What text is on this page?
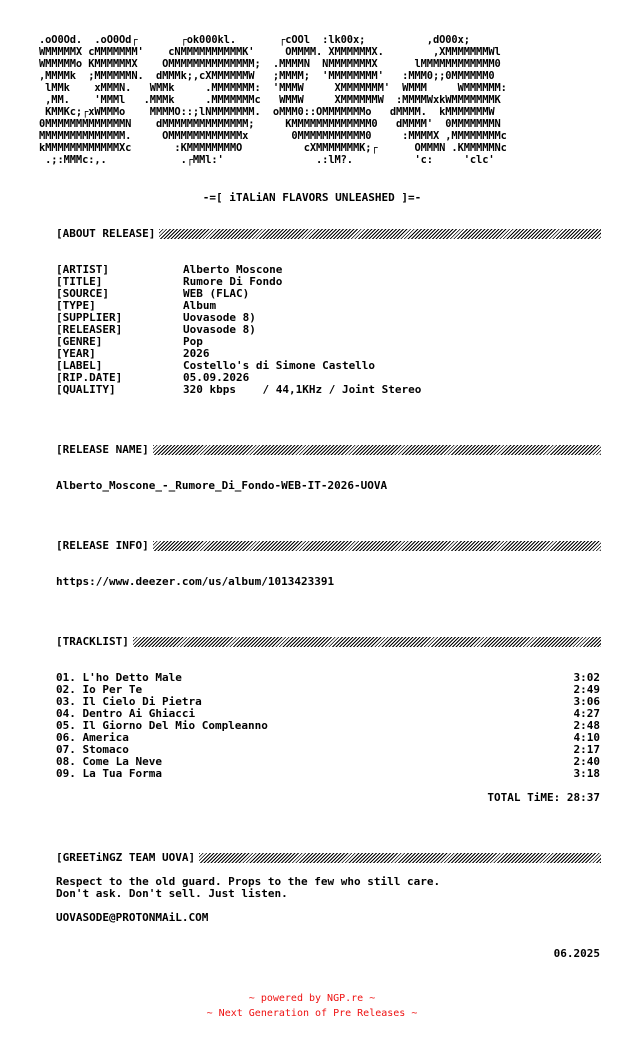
.oO0Od.  .oO0Od┌       ┌ok000kl.       ┌cOOl  :lk00x;          ,dO00x;
WMMMMMX cMMMMMMM'    cNMMMMMMMMMMK'     OMMMM. XMMMMMMX.        ,XMMMMMMMWl
WMMMMMo KMMMMMMX    OMMMMMMMMMMMMMM;  .MMMMN  NMMMMMMMX      lMMMMMMMMMMMM0
,MMMMk  ;MMMMMMN.  dMMMk;,cXMMMMMMW   ;MMMM;  'MMMMMMMM'   :MMM0;;0MMMMMM0
lMMk    xMMMN.   WMMk     .MMMMMMM:  'MMMW     XMMMMMMM'  WMMM     WMMMMMM:
,MM.    'MMMl   .MMMk     .MMMMMMMc   WMMW     XMMMMMMW  :MMMMWxkWMMMMMMMK
KMMKc;┌xWMMMo    MMMMO::;lNMMMMMMM.  oMMM0::OMMMMMMMo   dMMMM.  kMMMMMMMW
0MMMMMMMMMMMMMN    dMMMMMMMMMMMMMM;     KMMMMMMMMMMMMM0   dMMMM'  0MMMMMMMN
MMMMMMMMMMMMMM.     OMMMMMMMMMMMMx       0MMMMMMMMMMM0     :MMMMX ,MMMMMMMMc
kMMMMMMMMMMMMXc       :KMMMMMMMMO          cXMMMMMMMK;┌      OMMMN .KMMMMMNc
.;:MMMc:,.            .┌MMl:'               .:lM?.          'c:     'clc'
-=[ iTALiAN FLAVORS UNLEASHED ]=-
[ABOUT RELEASE]
[ARTIST]	Alberto Moscone
[TITLE]	Rumore Di Fondo
[SOURCE]	WEB (FLAC)
[TYPE]	Album
[SUPPLIER]	Uovasode 8)
[RELEASER]	Uovasode 8)
[GENRE]	Pop
[YEAR]	2026
[LABEL]	Costello's di Simone Castello
[RIP.DATE]	05.09.2026
[QUALITY]	320 kbps    / 44,1KHz / Joint Stereo
[RELEASE NAME]
Alberto_Moscone_-_Rumore_Di_Fondo-WEB-IT-2026-UOVA
[RELEASE INFO]
https://www.deezer.com/us/album/1013423391
[TRACKLIST]
01. L'ho Detto Male	3:02
02. Io Per Te	2:49
03. Il Cielo Di Pietra	3:06
04. Dentro Ai Ghiacci	4:27
05. Il Giorno Del Mio Compleanno	2:48
06. America	4:10
07. Stomaco	2:17
08. Come La Neve	2:40
09. La Tua Forma	3:18
TOTAL TiME: 28:37
[GREETiNGZ TEAM UOVA]
Respect to the old guard. Props to the few who still care.
Don't ask. Don't sell. Just listen.
UOVASODE@PROTONMAiL.COM
06.2025
~ powered by NGP.re ~
~ Next Generation of Pre Releases ~
